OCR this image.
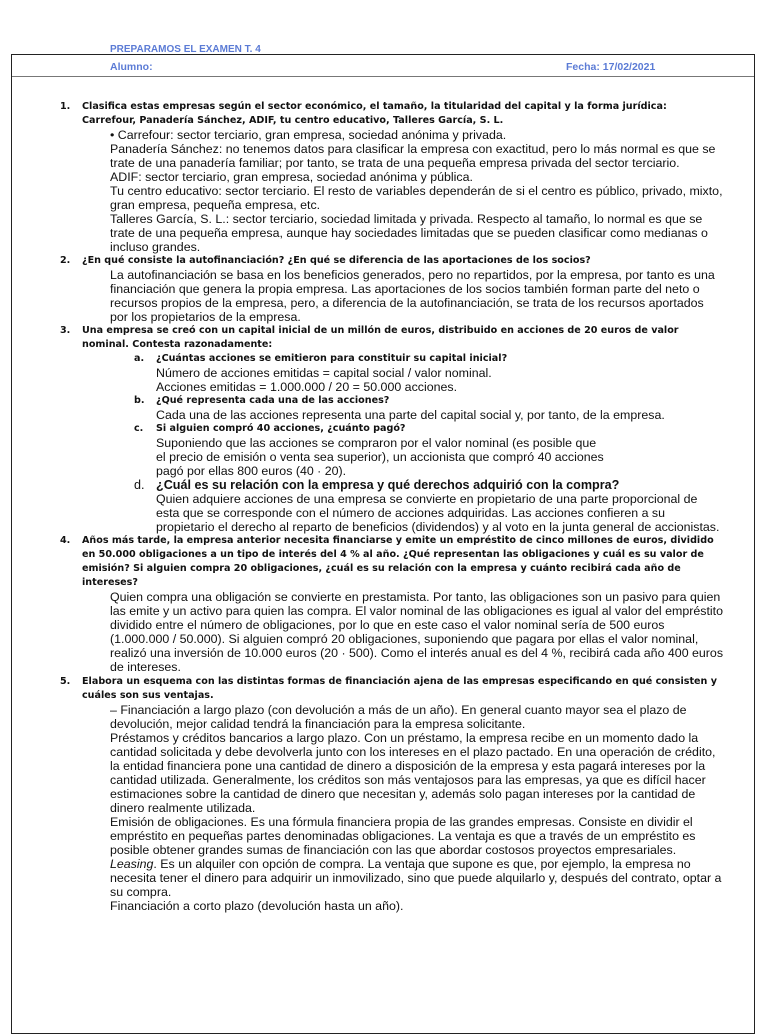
PREPARAMOS EL EXAMEN T. 4
Alumno:	Fecha: 17/02/2021
1. Clasifica estas empresas según el sector económico, el tamaño, la titularidad del capital y la forma jurídica: Carrefour, Panadería Sánchez, ADIF, tu centro educativo, Talleres García, S. L.
• Carrefour: sector terciario, gran empresa, sociedad anónima y privada.
Panadería Sánchez: no tenemos datos para clasificar la empresa con exactitud, pero lo más normal es que se trate de una panadería familiar; por tanto, se trata de una pequeña empresa privada del sector terciario.
ADIF: sector terciario, gran empresa, sociedad anónima y pública.
Tu centro educativo: sector terciario. El resto de variables dependerán de si el centro es público, privado, mixto, gran empresa, pequeña empresa, etc.
Talleres García, S. L.: sector terciario, sociedad limitada y privada. Respecto al tamaño, lo normal es que se trate de una pequeña empresa, aunque hay sociedades limitadas que se pueden clasificar como medianas o incluso grandes.
2. ¿En qué consiste la autofinanciación? ¿En qué se diferencia de las aportaciones de los socios?
La autofinanciación se basa en los beneficios generados, pero no repartidos, por la empresa, por tanto es una financiación que genera la propia empresa. Las aportaciones de los socios también forman parte del neto o recursos propios de la empresa, pero, a diferencia de la autofinanciación, se trata de los recursos aportados por los propietarios de la empresa.
3. Una empresa se creó con un capital inicial de un millón de euros, distribuido en acciones de 20 euros de valor nominal. Contesta razonadamente:
a. ¿Cuántas acciones se emitieron para constituir su capital inicial?
Número de acciones emitidas = capital social / valor nominal.
Acciones emitidas = 1.000.000 / 20 = 50.000 acciones.
b. ¿Qué representa cada una de las acciones?
Cada una de las acciones representa una parte del capital social y, por tanto, de la empresa.
c. Si alguien compró 40 acciones, ¿cuánto pagó?
Suponiendo que las acciones se compraron por el valor nominal (es posible que el precio de emisión o venta sea superior), un accionista que compró 40 acciones pagó por ellas 800 euros (40 · 20).
d. ¿Cuál es su relación con la empresa y qué derechos adquirió con la compra?
Quien adquiere acciones de una empresa se convierte en propietario de una parte proporcional de esta que se corresponde con el número de acciones adquiridas. Las acciones confieren a su propietario el derecho al reparto de beneficios (dividendos) y al voto en la junta general de accionistas.
4. Años más tarde, la empresa anterior necesita financiarse y emite un empréstito de cinco millones de euros, dividido en 50.000 obligaciones a un tipo de interés del 4 % al año. ¿Qué representan las obligaciones y cuál es su valor de emisión? Si alguien compra 20 obligaciones, ¿cuál es su relación con la empresa y cuánto recibirá cada año de intereses?
Quien compra una obligación se convierte en prestamista. Por tanto, las obligaciones son un pasivo para quien las emite y un activo para quien las compra. El valor nominal de las obligaciones es igual al valor del empréstito dividido entre el número de obligaciones, por lo que en este caso el valor nominal sería de 500 euros (1.000.000 / 50.000). Si alguien compró 20 obligaciones, suponiendo que pagara por ellas el valor nominal, realizó una inversión de 10.000 euros (20 · 500). Como el interés anual es del 4 %, recibirá cada año 400 euros de intereses.
5. Elabora un esquema con las distintas formas de financiación ajena de las empresas especificando en qué consisten y cuáles son sus ventajas.
– Financiación a largo plazo (con devolución a más de un año). En general cuanto mayor sea el plazo de devolución, mejor calidad tendrá la financiación para la empresa solicitante.
Préstamos y créditos bancarios a largo plazo. Con un préstamo, la empresa recibe en un momento dado la cantidad solicitada y debe devolverla junto con los intereses en el plazo pactado. En una operación de crédito, la entidad financiera pone una cantidad de dinero a disposición de la empresa y esta pagará intereses por la cantidad utilizada. Generalmente, los créditos son más ventajosos para las empresas, ya que es difícil hacer estimaciones sobre la cantidad de dinero que necesitan y, además solo pagan intereses por la cantidad de dinero realmente utilizada.
Emisión de obligaciones. Es una fórmula financiera propia de las grandes empresas. Consiste en dividir el empréstito en pequeñas partes denominadas obligaciones. La ventaja es que a través de un empréstito es posible obtener grandes sumas de financiación con las que abordar costosos proyectos empresariales.
Leasing. Es un alquiler con opción de compra. La ventaja que supone es que, por ejemplo, la empresa no necesita tener el dinero para adquirir un inmovilizado, sino que puede alquilarlo y, después del contrato, optar a su compra.
Financiación a corto plazo (devolución hasta un año).
